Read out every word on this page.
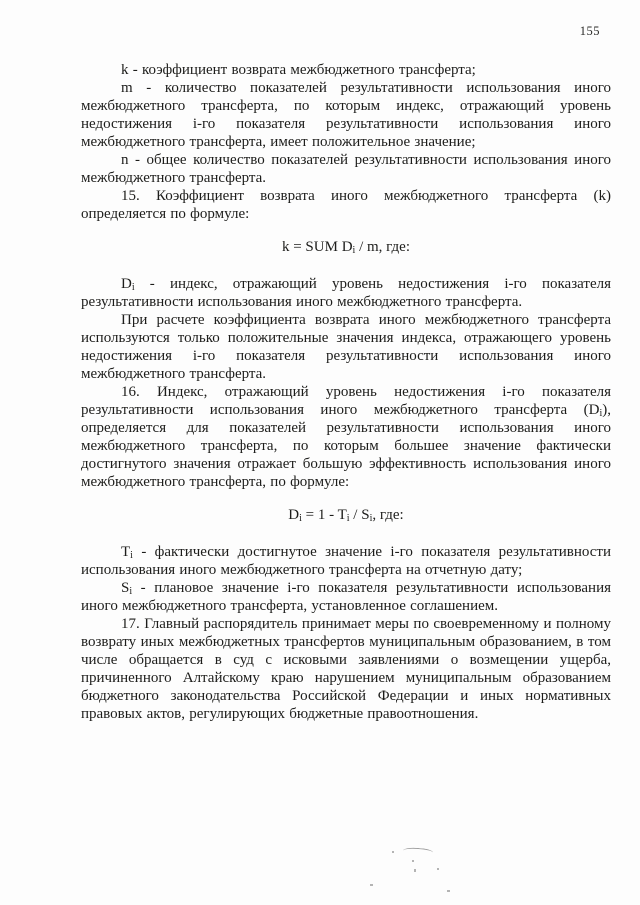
155

k - коэффициент возврата межбюджетного трансферта;

m - количество показателей результативности использования иного межбюджетного трансферта, по которым индекс, отражающий уровень недостижения i-го показателя результативности использования иного межбюджетного трансферта, имеет положительное значение;

n - общее количество показателей результативности использования иного межбюджетного трансферта.

15. Коэффициент возврата иного межбюджетного трансферта (k) определяется по формуле:

k = SUM $D_i$ / m, где:

$D_i$ - индекс, отражающий уровень недостижения i-го показателя результативности использования иного межбюджетного трансферта.

При расчете коэффициента возврата иного межбюджетного трансферта используются только положительные значения индекса, отражающего уровень недостижения i-го показателя результативности использования иного межбюджетного трансферта.

16. Индекс, отражающий уровень недостижения i-го показателя результативности использования иного межбюджетного трансферта $(D_i)$, определяется для показателей результативности использования иного межбюджетного трансферта, по которым большее значение фактически достигнутого значения отражает большую эффективность использования иного межбюджетного трансферта, по формуле:

$D_i = 1 - T_i / S_i$, где:

$T_i$ - фактически достигнутое значение i-го показателя результативности использования иного межбюджетного трансферта на отчетную дату;

$S_i$ - плановое значение i-го показателя результативности использования иного межбюджетного трансферта, установленное соглашением.

17. Главный распорядитель принимает меры по своевременному и полному возврату иных межбюджетных трансфертов муниципальным образованием, в том числе обращается в суд с исковыми заявлениями о возмещении ущерба, причиненного Алтайскому краю нарушением муниципальным образованием бюджетного законодательства Российской Федерации и иных нормативных правовых актов, регулирующих бюджетные правоотношения.
